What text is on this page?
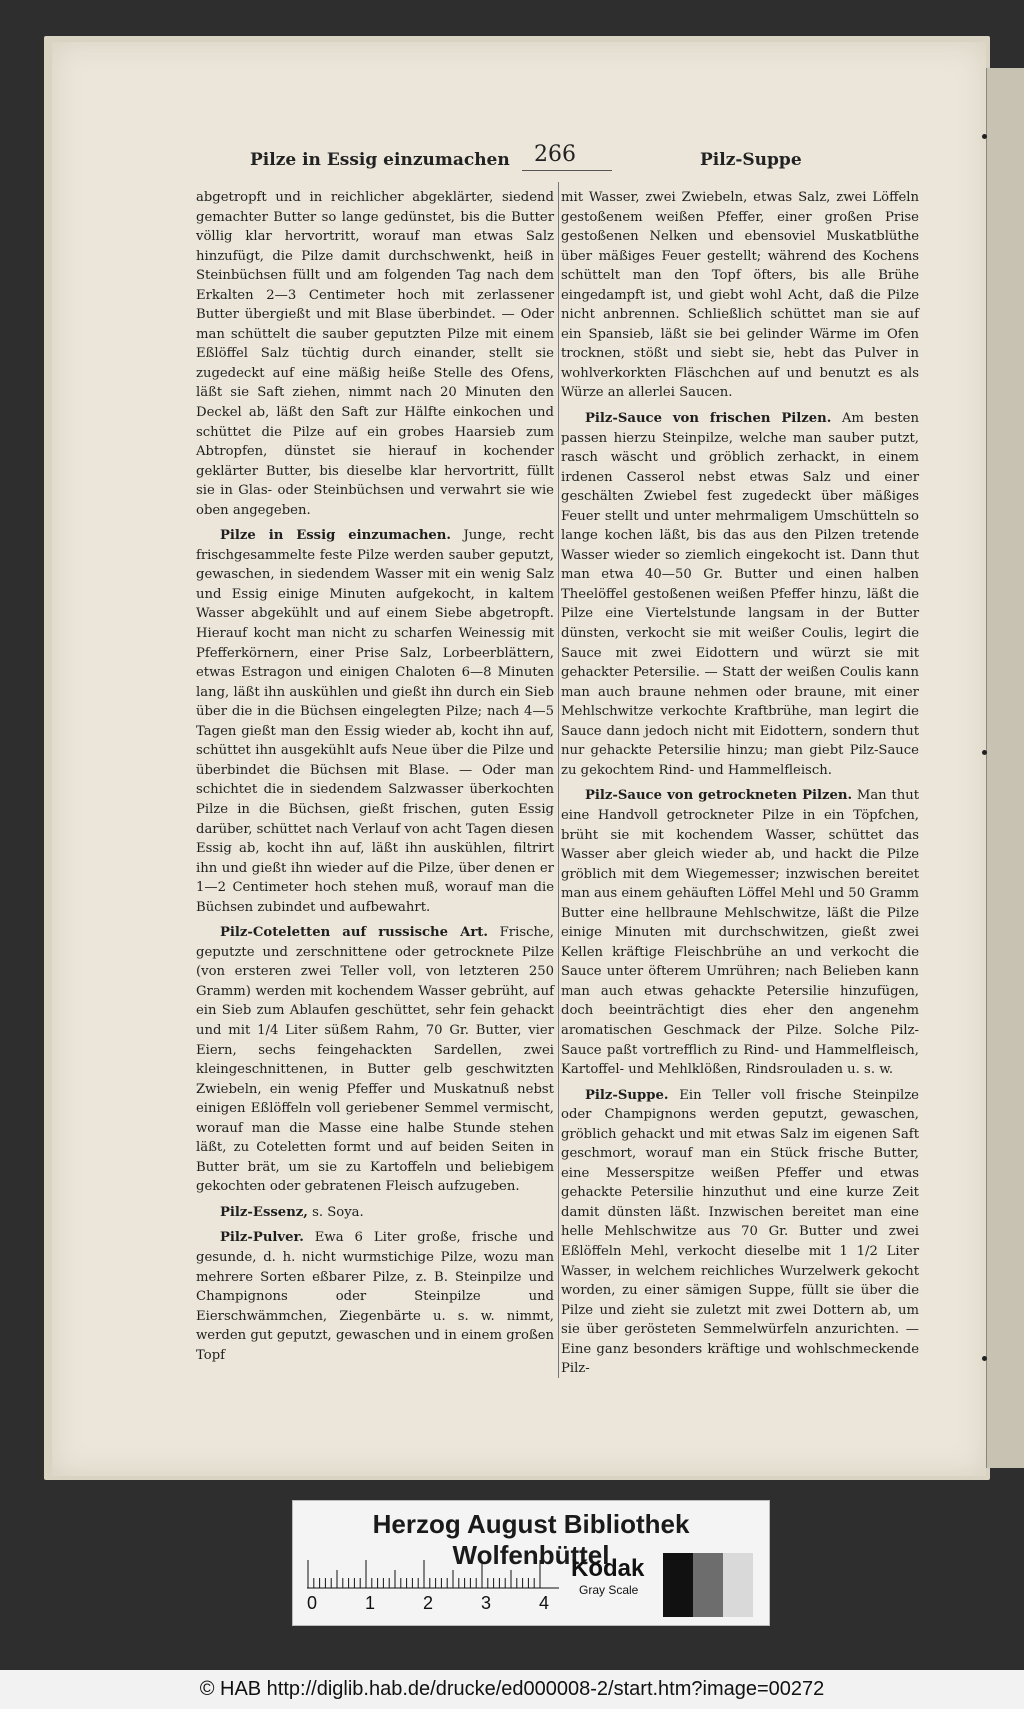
Pilze in Essig einzumachen 266	Pilz-Suppe

abgetropft und in reichlicher abgeklärter, siedend gemachter Butter so lange gedünstet, bis die Butter völlig klar hervortritt, worauf man etwas Salz hinzufügt, die Pilze damit durchschwenkt, heiß in Steinbüchsen füllt und am folgenden Tag nach dem Erkalten 2—3 Centimeter hoch mit zerlassener Butter übergießt und mit Blase überbindet. — Oder man schüttelt die sauber geputzten Pilze mit einem Eßlöffel Salz tüchtig durch einander, stellt sie zugedeckt auf eine mäßig heiße Stelle des Ofens, läßt sie Saft ziehen, nimmt nach 20 Minuten den Deckel ab, läßt den Saft zur Hälfte einkochen und schüttet die Pilze auf ein grobes Haarsieb zum Abtropfen, dünstet sie hierauf in kochender geklärter Butter, bis dieselbe klar hervortritt, füllt sie in Glas- oder Steinbüchsen und verwahrt sie wie oben angegeben.

Pilze in Essig einzumachen. Junge, recht frischgesammelte feste Pilze werden sauber geputzt, gewaschen, in siedendem Wasser mit ein wenig Salz und Essig einige Minuten aufgekocht, in kaltem Wasser abgekühlt und auf einem Siebe abgetropft. Hierauf kocht man nicht zu scharfen Weinessig mit Pfefferkörnern, einer Prise Salz, Lorbeerblättern, etwas Estragon und einigen Chaloten 6—8 Minuten lang, läßt ihn auskühlen und gießt ihn durch ein Sieb über die in die Büchsen eingelegten Pilze; nach 4—5 Tagen gießt man den Essig wieder ab, kocht ihn auf, schüttet ihn ausgekühlt aufs Neue über die Pilze und überbindet die Büchsen mit Blase. — Oder man schichtet die in siedendem Salzwasser überkochten Pilze in die Büchsen, gießt frischen, guten Essig darüber, schüttet nach Verlauf von acht Tagen diesen Essig ab, kocht ihn auf, läßt ihn auskühlen, filtrirt ihn und gießt ihn wieder auf die Pilze, über denen er 1—2 Centimeter hoch stehen muß, worauf man die Büchsen zubindet und aufbewahrt.

Pilz-Coteletten auf russische Art. Frische, geputzte und zerschnittene oder getrocknete Pilze (von ersteren zwei Teller voll, von letzteren 250 Gramm) werden mit kochendem Wasser gebrüht, auf ein Sieb zum Ablaufen geschüttet, sehr fein gehackt und mit 1/4 Liter süßem Rahm, 70 Gr. Butter, vier Eiern, sechs feingehackten Sardellen, zwei kleingeschnittenen, in Butter gelb geschwitzten Zwiebeln, ein wenig Pfeffer und Muskatnuß nebst einigen Eßlöffeln voll geriebener Semmel vermischt, worauf man die Masse eine halbe Stunde stehen läßt, zu Coteletten formt und auf beiden Seiten in Butter brät, um sie zu Kartoffeln und beliebigem gekochten oder gebratenen Fleisch aufzugeben.

Pilz-Essenz, s. Soya.

Pilz-Pulver. Ewa 6 Liter große, frische und gesunde, d. h. nicht wurmstichige Pilze, wozu man mehrere Sorten eßbarer Pilze, z. B. Steinpilze und Champignons oder Steinpilze und Eierschwämmchen, Ziegenbärte u. s. w. nimmt, werden gut geputzt, gewaschen und in einem großen Topf

mit Wasser, zwei Zwiebeln, etwas Salz, zwei Löffeln gestoßenem weißen Pfeffer, einer großen Prise gestoßenen Nelken und ebensoviel Muskatblüthe über mäßiges Feuer gestellt; während des Kochens schüttelt man den Topf öfters, bis alle Brühe eingedampft ist, und giebt wohl Acht, daß die Pilze nicht anbrennen. Schließlich schüttet man sie auf ein Spansieb, läßt sie bei gelinder Wärme im Ofen trocknen, stößt und siebt sie, hebt das Pulver in wohlverkorkten Fläschchen auf und benutzt es als Würze an allerlei Saucen.

Pilz-Sauce von frischen Pilzen. Am besten passen hierzu Steinpilze, welche man sauber putzt, rasch wäscht und gröblich zerhackt, in einem irdenen Casserol nebst etwas Salz und einer geschälten Zwiebel fest zugedeckt über mäßiges Feuer stellt und unter mehrmaligem Umschütteln so lange kochen läßt, bis das aus den Pilzen tretende Wasser wieder so ziemlich eingekocht ist. Dann thut man etwa 40—50 Gr. Butter und einen halben Theelöffel gestoßenen weißen Pfeffer hinzu, läßt die Pilze eine Viertelstunde langsam in der Butter dünsten, verkocht sie mit weißer Coulis, legirt die Sauce mit zwei Eidottern und würzt sie mit gehackter Petersilie. — Statt der weißen Coulis kann man auch braune nehmen oder braune, mit einer Mehlschwitze verkochte Kraftbrühe, man legirt die Sauce dann jedoch nicht mit Eidottern, sondern thut nur gehackte Petersilie hinzu; man giebt Pilz-Sauce zu gekochtem Rind- und Hammelfleisch.

Pilz-Sauce von getrockneten Pilzen. Man thut eine Handvoll getrockneter Pilze in ein Töpfchen, brüht sie mit kochendem Wasser, schüttet das Wasser aber gleich wieder ab, und hackt die Pilze gröblich mit dem Wiegemesser; inzwischen bereitet man aus einem gehäuften Löffel Mehl und 50 Gramm Butter eine hellbraune Mehlschwitze, läßt die Pilze einige Minuten mit durchschwitzen, gießt zwei Kellen kräftige Fleischbrühe an und verkocht die Sauce unter öfterem Umrühren; nach Belieben kann man auch etwas gehackte Petersilie hinzufügen, doch beeinträchtigt dies eher den angenehm aromatischen Geschmack der Pilze. Solche Pilz-Sauce paßt vortrefflich zu Rind- und Hammelfleisch, Kartoffel- und Mehlklößen, Rindsrouladen u. s. w.

Pilz-Suppe. Ein Teller voll frische Steinpilze oder Champignons werden geputzt, gewaschen, gröblich gehackt und mit etwas Salz im eigenen Saft geschmort, worauf man ein Stück frische Butter, eine Messerspitze weißen Pfeffer und etwas gehackte Petersilie hinzuthut und eine kurze Zeit damit dünsten läßt. Inzwischen bereitet man eine helle Mehlschwitze aus 70 Gr. Butter und zwei Eßlöffeln Mehl, verkocht dieselbe mit 1 1/2 Liter Wasser, in welchem reichliches Wurzelwerk gekocht worden, zu einer sämigen Suppe, füllt sie über die Pilze und zieht sie zuletzt mit zwei Dottern ab, um sie über gerösteten Semmelwürfeln anzurichten. — Eine ganz besonders kräftige und wohlschmeckende Pilz-

Herzog August Bibliothek Wolfenbüttel
0	1	2	3	4
Kodak
Gray Scale
© HAB http://diglib.hab.de/drucke/ed000008-2/start.htm?image=00272
